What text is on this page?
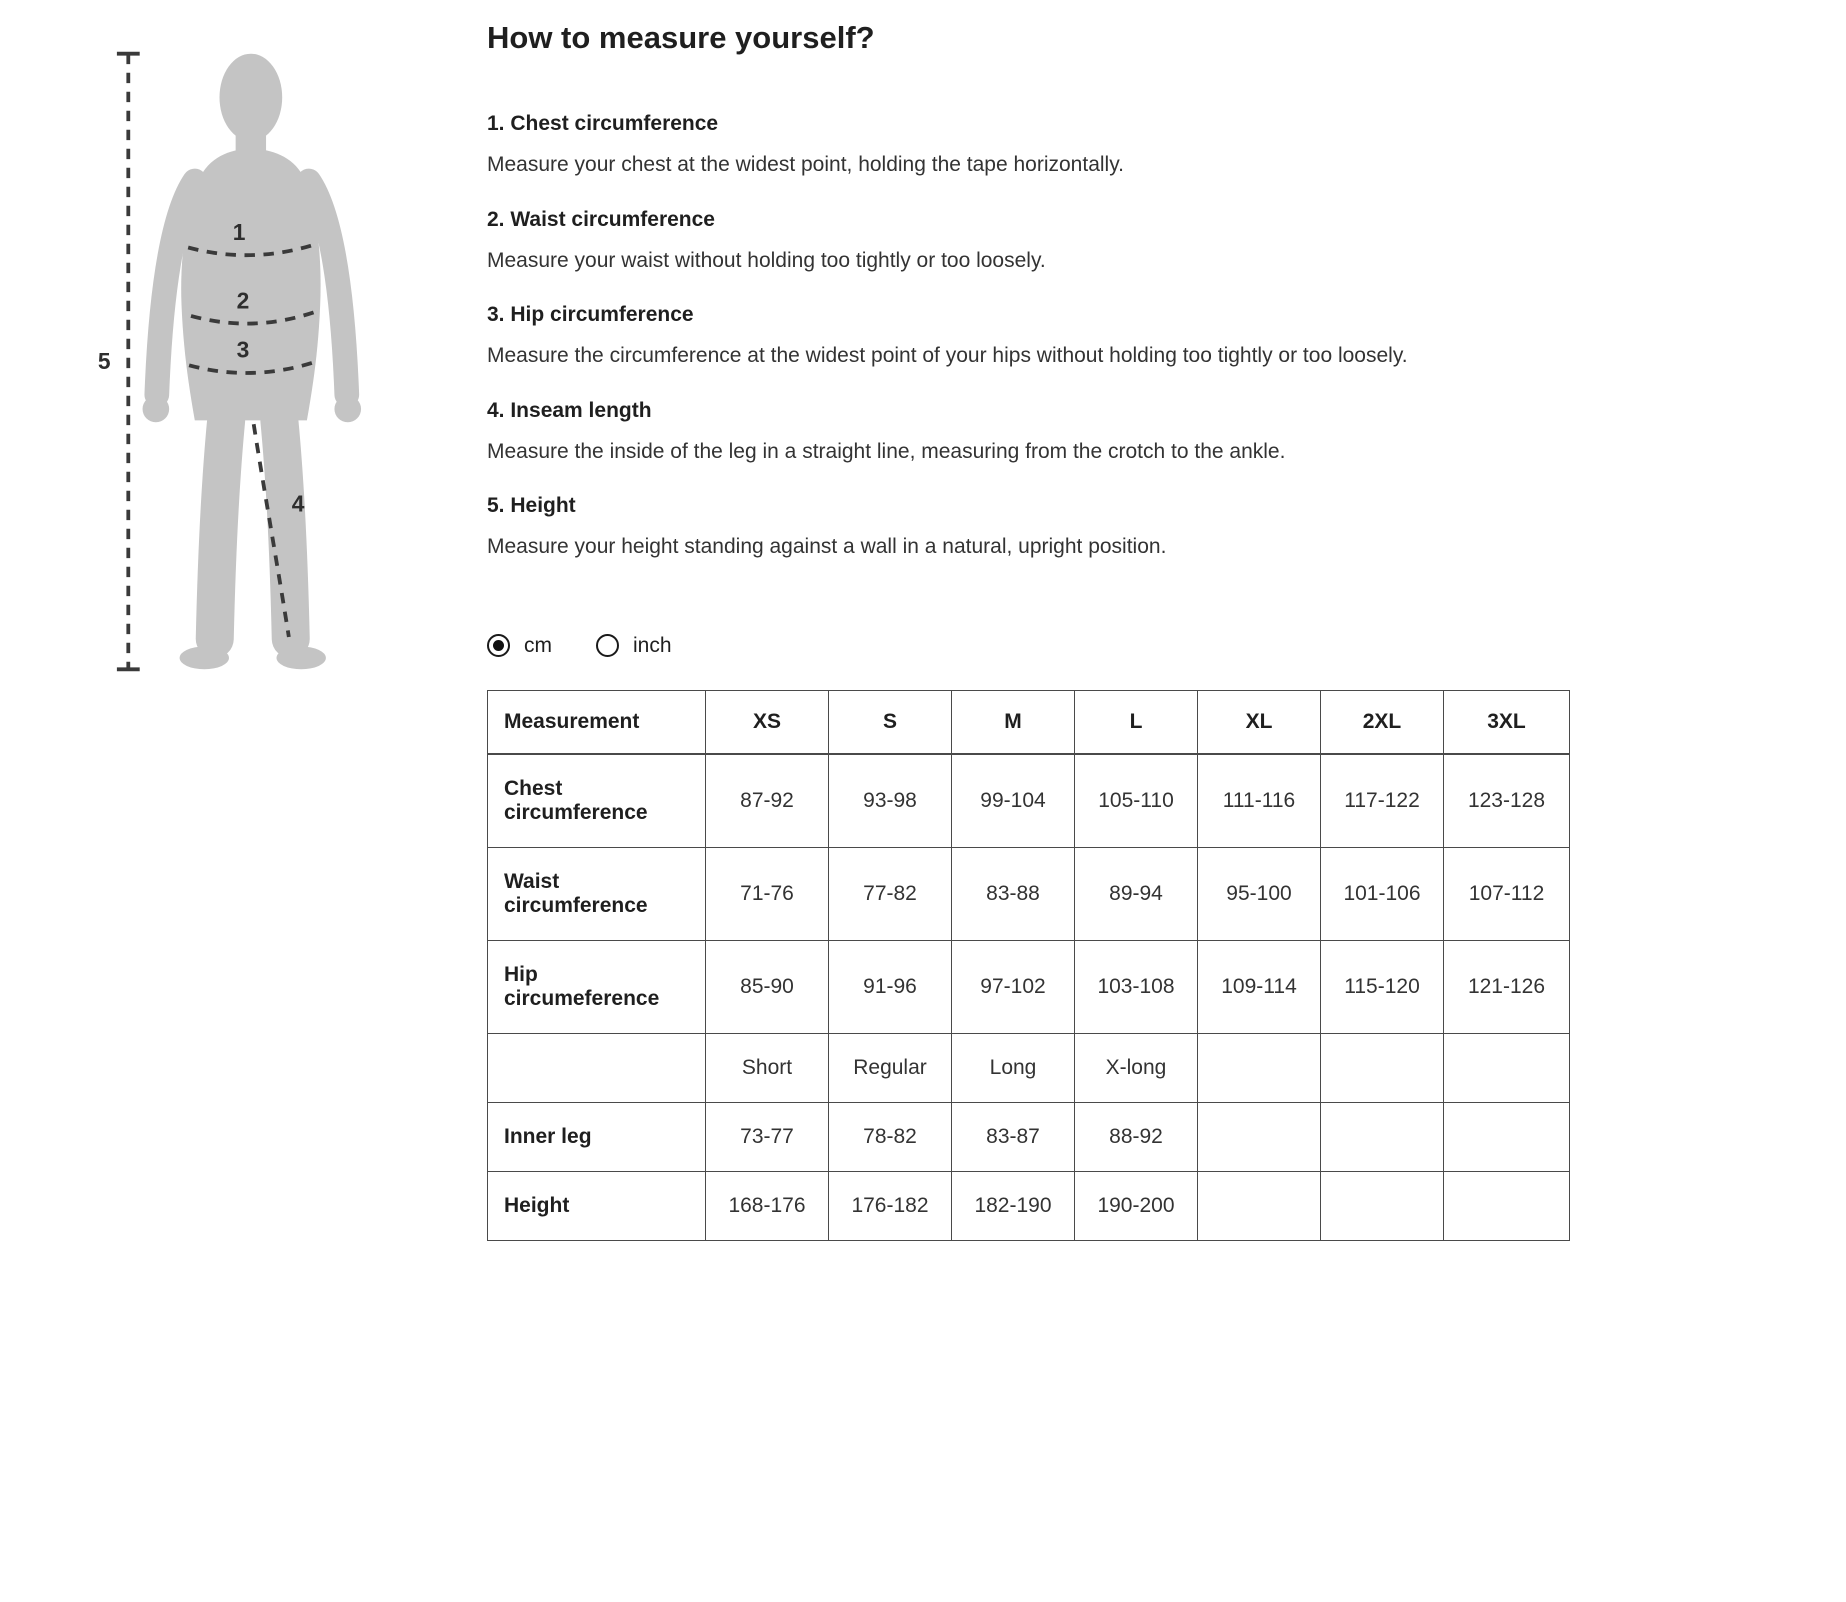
1
2
3
4
5
How to measure yourself?
1. Chest circumference

Measure your chest at the widest point, holding the tape horizontally.

2. Waist circumference

Measure your waist without holding too tightly or too loosely.

3. Hip circumference

Measure the circumference at the widest point of your hips without holding too tightly or too loosely.

4. Inseam length

Measure the inside of the leg in a straight line, measuring from the crotch to the ankle.

5. Height

Measure your height standing against a wall in a natural, upright position.

cm	inch
Measurement	XS	S	M	L	XL	2XL	3XL
Chest circumference	87-92	93-98	99-104	105-110	111-116	117-122	123-128
Waist circumference	71-76	77-82	83-88	89-94	95-100	101-106	107-112
Hip circumeference	85-90	91-96	97-102	103-108	109-114	115-120	121-126
	Short	Regular	Long	X-long			
Inner leg	73-77	78-82	83-87	88-92			
Height	168-176	176-182	182-190	190-200			
